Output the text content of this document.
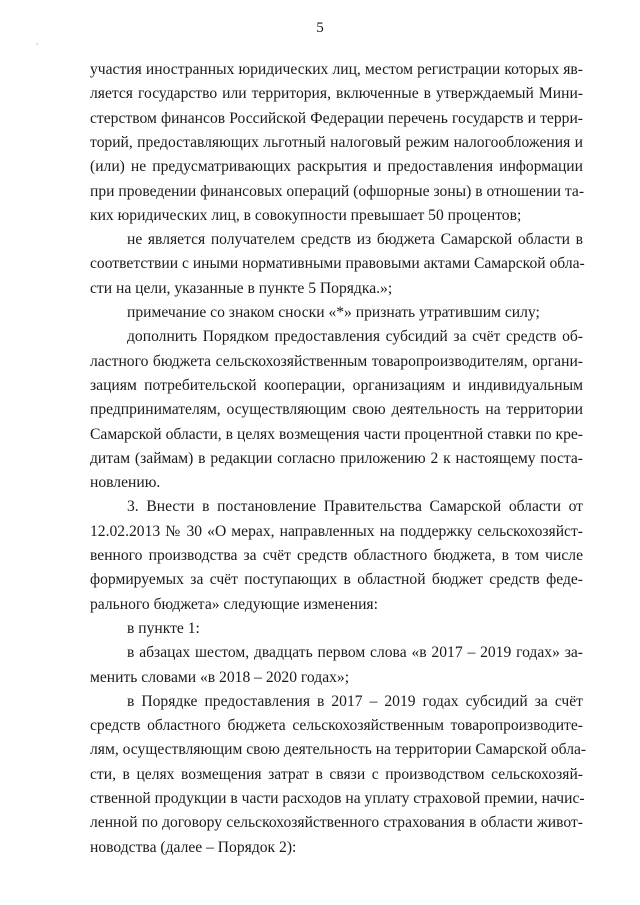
5
,
участия иностранных юридических лиц, местом регистрации которых яв-
ляется государство или территория, включенные в утверждаемый Мини-
стерством финансов Российской Федерации перечень государств и терри-
торий, предоставляющих льготный налоговый режим налогообложения и
(или) не предусматривающих раскрытия и предоставления информации
при проведении финансовых операций (офшорные зоны) в отношении та-
ких юридических лиц, в совокупности превышает 50 процентов;
не является получателем средств из бюджета Самарской области в
соответствии с иными нормативными правовыми актами Самарской обла-
сти на цели, указанные в пункте 5 Порядка.»;
примечание со знаком сноски «*» признать утратившим силу;
дополнить Порядком предоставления субсидий за счёт средств об-
ластного бюджета сельскохозяйственным товаропроизводителям, органи-
зациям потребительской кооперации, организациям и индивидуальным
предпринимателям, осуществляющим свою деятельность на территории
Самарской области, в целях возмещения части процентной ставки по кре-
дитам (займам) в редакции согласно приложению 2 к настоящему поста-
новлению.
3. Внести в постановление Правительства Самарской области от
12.02.2013 № 30 «О мерах, направленных на поддержку сельскохозяйст-
венного производства за счёт средств областного бюджета, в том числе
формируемых за счёт поступающих в областной бюджет средств феде-
рального бюджета» следующие изменения:
в пункте 1:
в абзацах шестом, двадцать первом слова «в 2017 – 2019 годах» за-
менить словами «в 2018 – 2020 годах»;
в Порядке предоставления в 2017 – 2019 годах субсидий за счёт
средств областного бюджета сельскохозяйственным товаропроизводите-
лям, осуществляющим свою деятельность на территории Самарской обла-
сти, в целях возмещения затрат в связи с производством сельскохозяй-
ственной продукции в части расходов на уплату страховой премии, начис-
ленной по договору сельскохозяйственного страхования в области живот-
новодства (далее – Порядок 2):
